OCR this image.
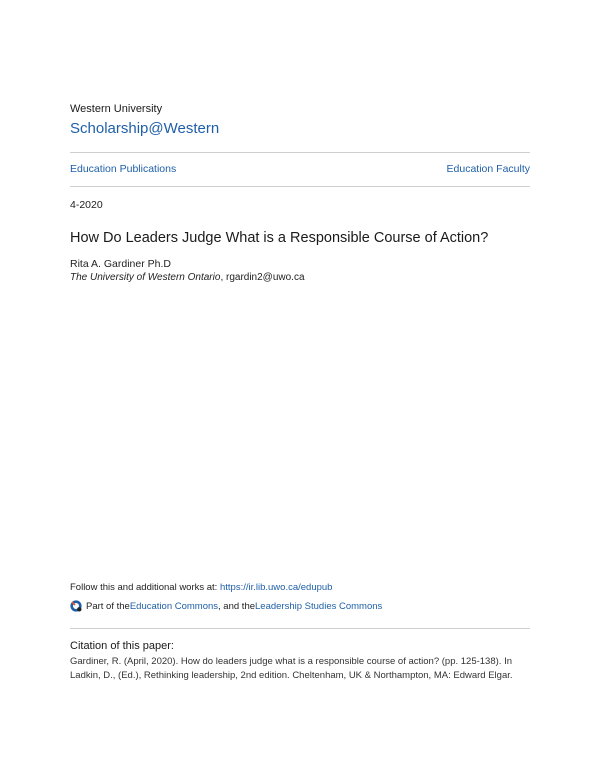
Western University
Scholarship@Western
Education Publications	Education Faculty
4-2020
How Do Leaders Judge What is a Responsible Course of Action?
Rita A. Gardiner Ph.D
The University of Western Ontario, rgardin2@uwo.ca
Follow this and additional works at: https://ir.lib.uwo.ca/edupub
Part of the Education Commons , and the Leadership Studies Commons
Citation of this paper:
Gardiner, R. (April, 2020). How do leaders judge what is a responsible course of action? (pp. 125-138). In Ladkin, D., (Ed.), Rethinking leadership, 2nd edition. Cheltenham, UK & Northampton, MA: Edward Elgar.
